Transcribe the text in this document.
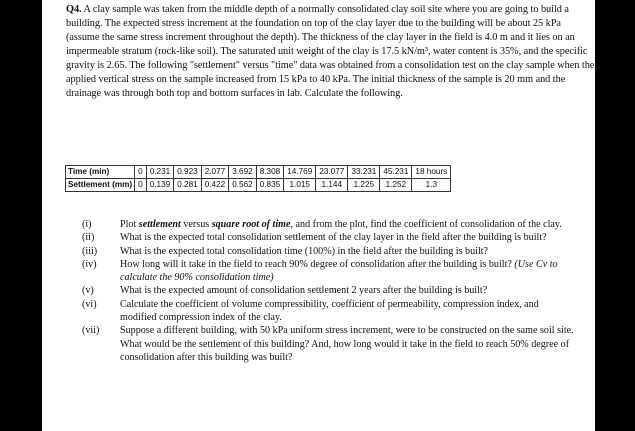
Q4. A clay sample was taken from the middle depth of a normally consolidated clay soil site where you are going to build a building. The expected stress increment at the foundation on top of the clay layer due to the building will be about 25 kPa (assume the same stress increment throughout the depth). The thickness of the clay layer in the field is 4.0 m and it lies on an impermeable stratum (rock-like soil). The saturated unit weight of the clay is 17.5 kN/m³, water content is 35%, and the specific gravity is 2.65. The following "settlement" versus "time" data was obtained from a consolidation test on the clay sample when the applied vertical stress on the sample increased from 15 kPa to 40 kPa. The initial thickness of the sample is 20 mm and the drainage was through both top and bottom surfaces in lab. Calculate the following.
Time (min)	0	0.231	0.923	2.077	3.692	8.308	14.769	23.077	33.231	45.231	18 hours
Settlement (mm)	0	0.139	0.281	0.422	0.562	0.835	1.015	1.144	1.225	1.252	1.3
(i)	Plot settlement versus square root of time, and from the plot, find the coefficient of consolidation of the clay.
(ii)	What is the expected total consolidation settlement of the clay layer in the field after the building is built?
(iii) What is the expected total consolidation time (100%) in the field after the building is built?
(iv) How long will it take in the field to reach 90% degree of consolidation after the building is built? (Use Cv to calculate the 90% consolidation time)
(v)	What is the expected amount of consolidation settlement 2 years after the building is built?
(vi) Calculate the coefficient of volume compressibility, coefficient of permeability, compression index, and modified compression index of the clay.
(vii) Suppose a different building, with 50 kPa uniform stress increment, were to be constructed on the same soil site. What would be the settlement of this building? And, how long would it take in the field to reach 50% degree of consolidation after this building was built?
